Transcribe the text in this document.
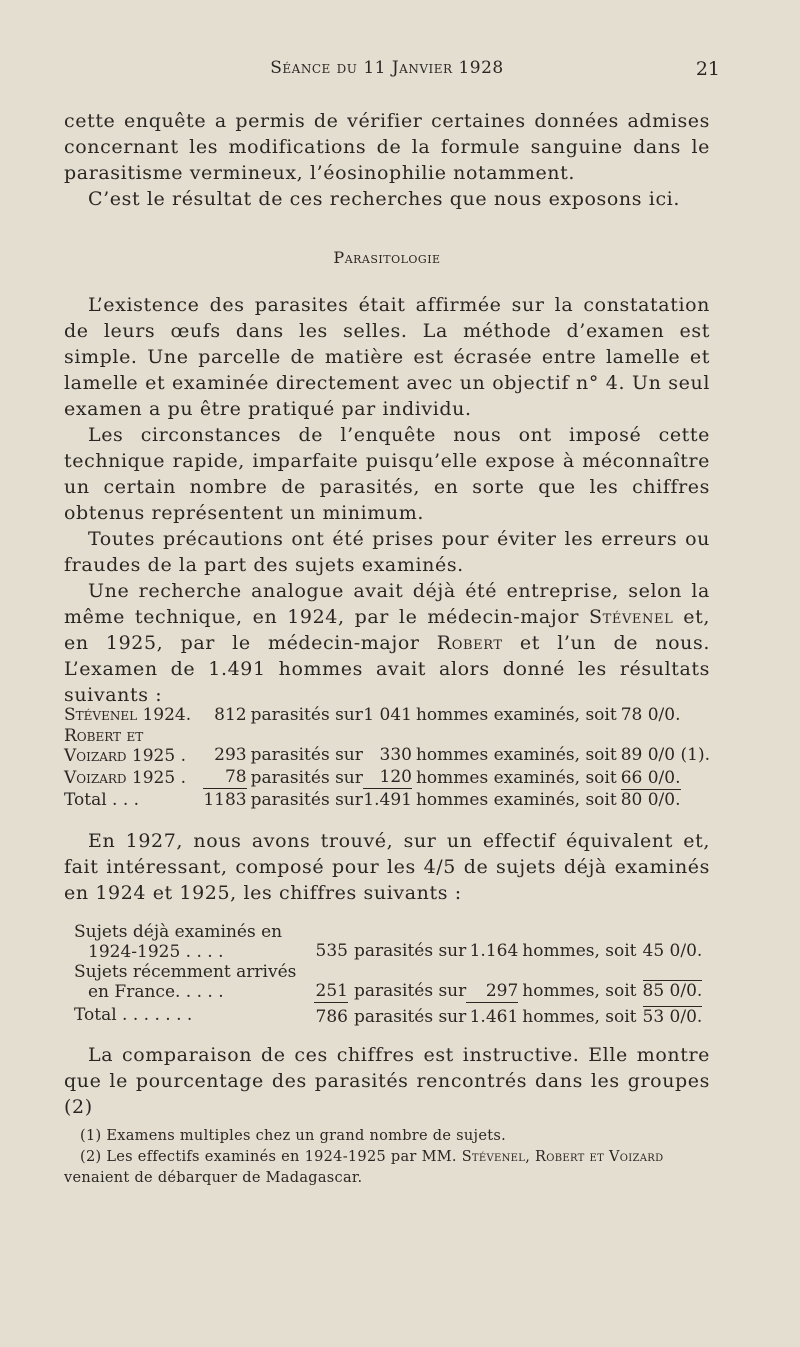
Séance du 11 Janvier 1928	21

cette enquête a permis de vérifier certaines données admises concernant les modifications de la formule sanguine dans le parasitisme vermineux, l’éosinophilie notamment.

C’est le résultat de ces recherches que nous exposons ici.

Parasitologie

L’existence des parasites était affirmée sur la constatation de leurs œufs dans les selles. La méthode d’examen est simple. Une parcelle de matière est écrasée entre lamelle et lamelle et examinée directement avec un objectif n° 4. Un seul examen a pu être pratiqué par individu.

Les circonstances de l’enquête nous ont imposé cette technique rapide, imparfaite puisqu’elle expose à méconnaître un certain nombre de parasités, en sorte que les chiffres obtenus représentent un minimum.

Toutes précautions ont été prises pour éviter les erreurs ou fraudes de la part des sujets examinés.

Une recherche analogue avait déjà été entreprise, selon la même technique, en 1924, par le médecin-major Stévenel et, en 1925, par le médecin-major Robert et l’un de nous. L’examen de 1.491 hommes avait alors donné les résultats suivants :

Stévenel 1924.	812	parasités sur	1 041	hommes examinés, soit	78 0/0.
Robert et Voizard 1925 .	293	parasités sur	330	hommes examinés, soit	89 0/0 (1).
Voizard 1925 .	78	parasités sur	120	hommes examinés, soit	66 0/0.
Total . . .	1183	parasités sur	1.491	hommes examinés, soit	80 0/0.

En 1927, nous avons trouvé, sur un effectif équivalent et, fait intéressant, composé pour les 4/5 de sujets déjà examinés en 1924 et 1925, les chiffres suivants :

Sujets déjà examinés en
1924-1925 . . . .	535	parasités sur	1.164	hommes, soit	45 0/0.

Sujets récemment arrivés
en France. . . . .	251	parasités sur	297	hommes, soit	85 0/0.
Total . . . . . . .	786	parasités sur	1.461	hommes, soit	53 0/0.

La comparaison de ces chiffres est instructive. Elle montre que le pourcentage des parasités rencontrés dans les groupes (2)

(1) Examens multiples chez un grand nombre de sujets.

(2) Les effectifs examinés en 1924-1925 par MM. Stévenel, Robert et Voizard

venaient de débarquer de Madagascar.
